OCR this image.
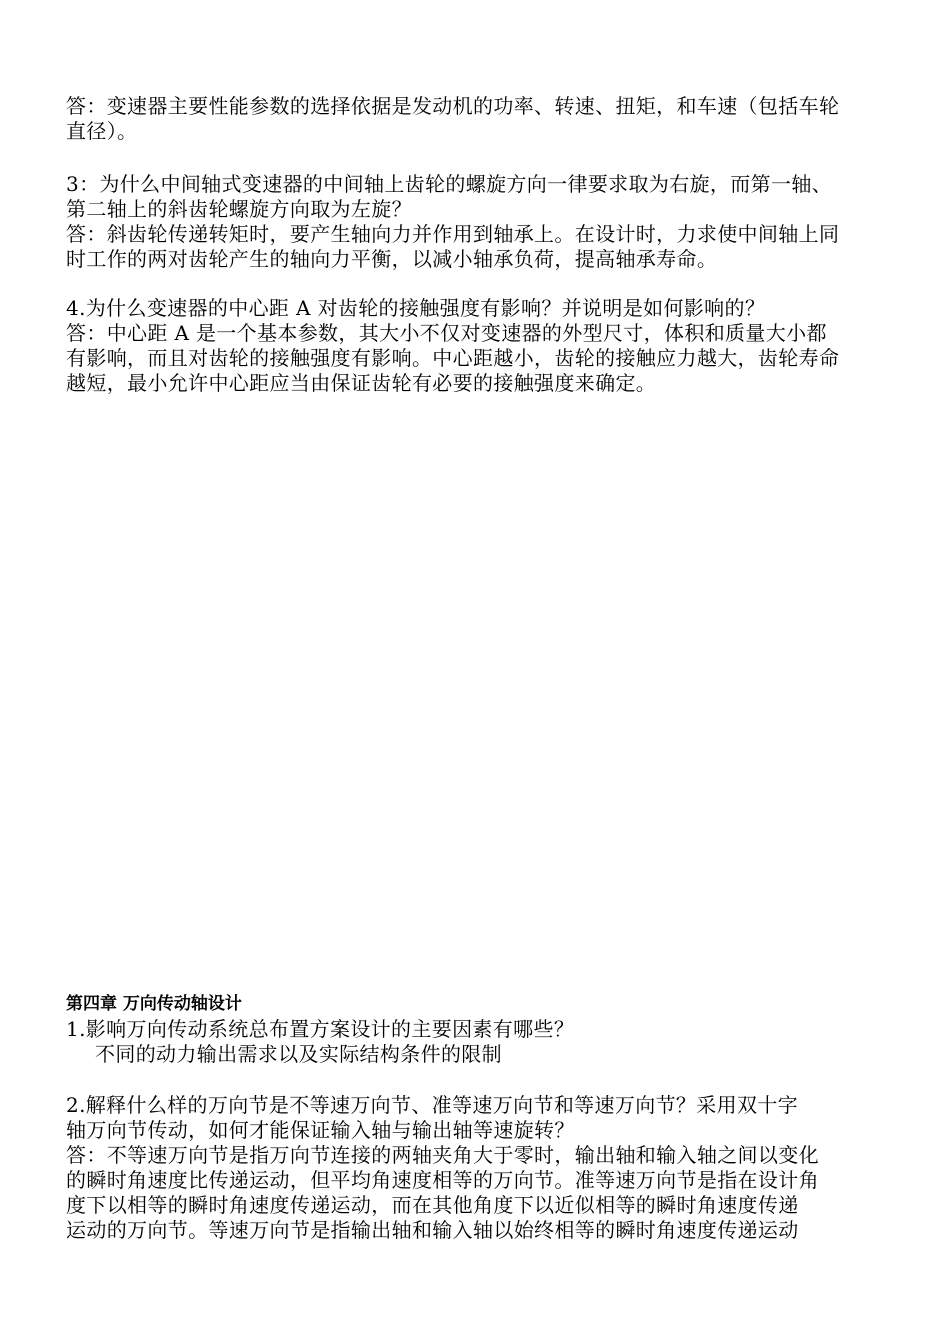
答：变速器主要性能参数的选择依据是发动机的功率、转速、扭矩，和车速（包括车轮
直径）。
3：为什么中间轴式变速器的中间轴上齿轮的螺旋方向一律要求取为右旋，而第一轴、
第二轴上的斜齿轮螺旋方向取为左旋？
答：斜齿轮传递转矩时，要产生轴向力并作用到轴承上。在设计时，力求使中间轴上同
时工作的两对齿轮产生的轴向力平衡，以减小轴承负荷，提高轴承寿命。
4.为什么变速器的中心距 A 对齿轮的接触强度有影响？并说明是如何影响的？
答：中心距 A 是一个基本参数，其大小不仅对变速器的外型尺寸，体积和质量大小都
有影响，而且对齿轮的接触强度有影响。中心距越小，齿轮的接触应力越大，齿轮寿命
越短，最小允许中心距应当由保证齿轮有必要的接触强度来确定。
第四章 万向传动轴设计
1.影响万向传动系统总布置方案设计的主要因素有哪些？
不同的动力输出需求以及实际结构条件的限制
2.解释什么样的万向节是不等速万向节、准等速万向节和等速万向节？采用双十字
轴万向节传动，如何才能保证输入轴与输出轴等速旋转？
答：不等速万向节是指万向节连接的两轴夹角大于零时，输出轴和输入轴之间以变化
的瞬时角速度比传递运动，但平均角速度相等的万向节。准等速万向节是指在设计角
度下以相等的瞬时角速度传递运动，而在其他角度下以近似相等的瞬时角速度传递
运动的万向节。等速万向节是指输出轴和输入轴以始终相等的瞬时角速度传递运动
